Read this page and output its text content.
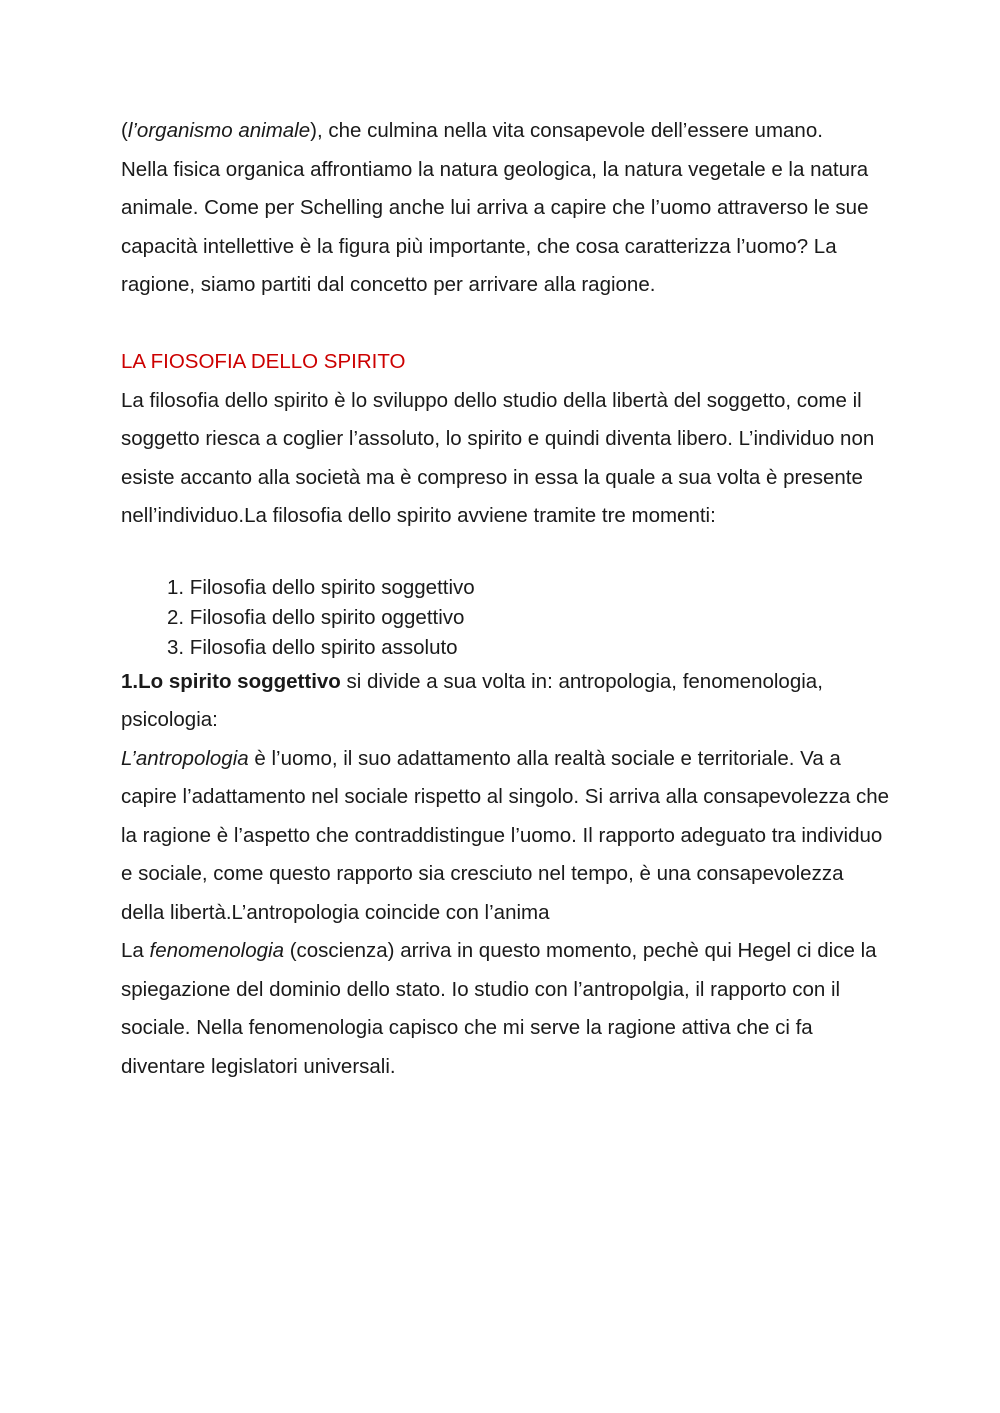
(l’organismo animale), che culmina nella vita consapevole dell’essere umano.

Nella fisica organica affrontiamo la natura geologica, la natura vegetale e la natura animale. Come per Schelling anche lui arriva a capire che l’uomo attraverso le sue capacità intellettive è la figura più importante, che cosa caratterizza l’uomo? La ragione, siamo partiti dal concetto per arrivare alla ragione.

LA FIOSOFIA DELLO SPIRITO

La filosofia dello spirito è lo sviluppo dello studio della libertà del soggetto, come il soggetto riesca a coglier l’assoluto, lo spirito e quindi diventa libero. L’individuo non esiste accanto alla società ma è compreso in essa la quale a sua volta è presente nell’individuo.La filosofia dello spirito avviene tramite tre momenti:

1. Filosofia dello spirito soggettivo
2. Filosofia dello spirito oggettivo
3. Filosofia dello spirito assoluto

1.Lo spirito soggettivo si divide a sua volta in: antropologia, fenomenologia, psicologia:

L’antropologia è l’uomo, il suo adattamento alla realtà sociale e territoriale. Va a capire l’adattamento nel sociale rispetto al singolo. Si arriva alla consapevolezza che la ragione è l’aspetto che contraddistingue l’uomo. Il rapporto adeguato tra individuo e sociale, come questo rapporto sia cresciuto nel tempo, è una consapevolezza della libertà.L’antropologia coincide con l’anima

La fenomenologia (coscienza) arriva in questo momento, pechè qui Hegel ci dice la spiegazione del dominio dello stato. Io studio con l’antropolgia, il rapporto con il sociale. Nella fenomenologia capisco che mi serve la ragione attiva che ci fa diventare legislatori universali.
